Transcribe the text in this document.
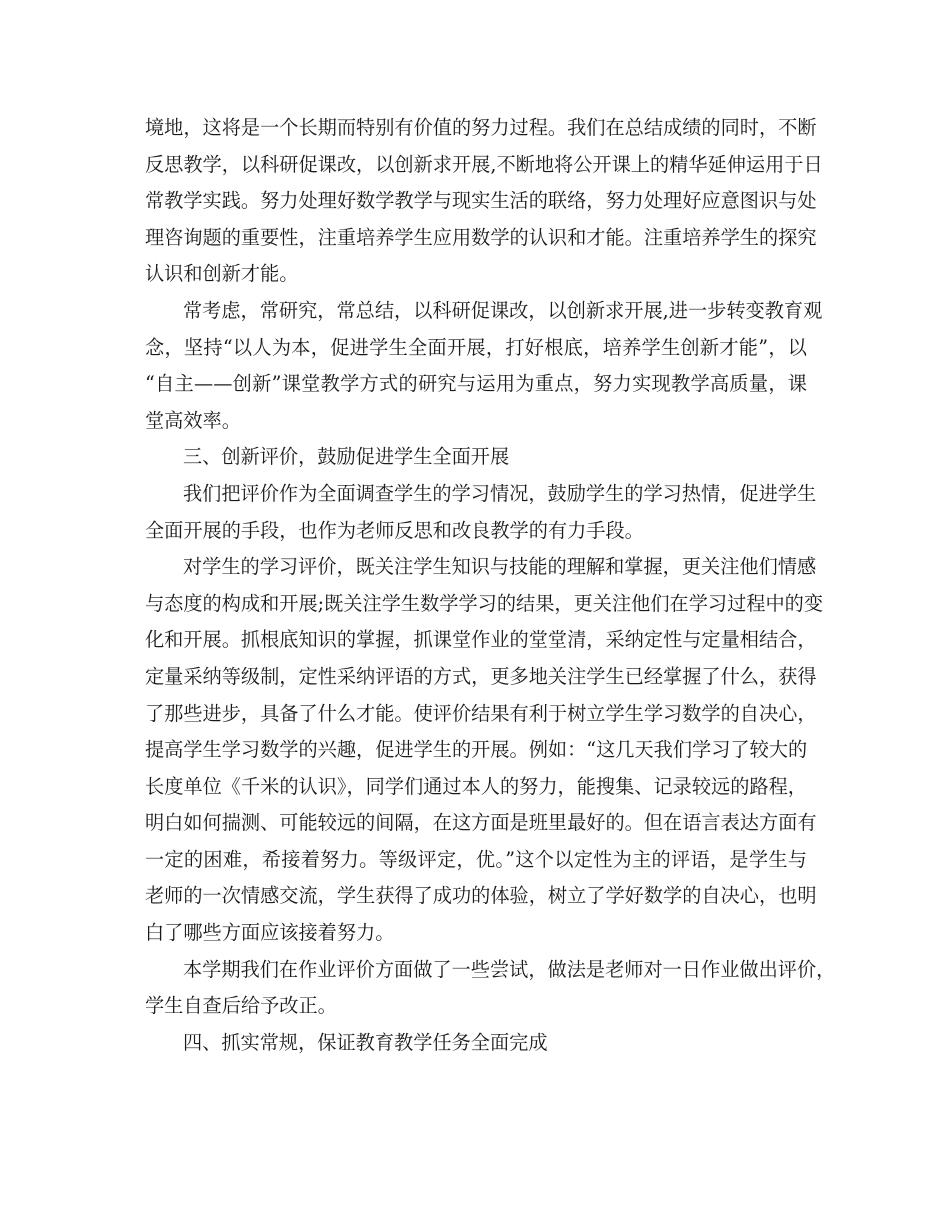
境地，这将是一个长期而特别有价值的努力过程。我们在总结成绩的同时，不断
反思教学，以科研促课改，以创新求开展,不断地将公开课上的精华延伸运用于日
常教学实践。努力处理好数学教学与现实生活的联络，努力处理好应意图识与处
理咨询题的重要性，注重培养学生应用数学的认识和才能。注重培养学生的探究
认识和创新才能。
常考虑，常研究，常总结，以科研促课改，以创新求开展,进一步转变教育观
念，坚持“以人为本，促进学生全面开展，打好根底，培养学生创新才能”，以
“自主——创新”课堂教学方式的研究与运用为重点，努力实现教学高质量，课
堂高效率。
三、创新评价，鼓励促进学生全面开展
我们把评价作为全面调查学生的学习情况，鼓励学生的学习热情，促进学生
全面开展的手段，也作为老师反思和改良教学的有力手段。
对学生的学习评价，既关注学生知识与技能的理解和掌握，更关注他们情感
与态度的构成和开展;既关注学生数学学习的结果，更关注他们在学习过程中的变
化和开展。抓根底知识的掌握，抓课堂作业的堂堂清，采纳定性与定量相结合，
定量采纳等级制，定性采纳评语的方式，更多地关注学生已经掌握了什么，获得
了那些进步，具备了什么才能。使评价结果有利于树立学生学习数学的自决心，
提高学生学习数学的兴趣，促进学生的开展。例如：“这几天我们学习了较大的
长度单位《千米的认识》，同学们通过本人的努力，能搜集、记录较远的路程，
明白如何揣测、可能较远的间隔，在这方面是班里最好的。但在语言表达方面有
一定的困难，希接着努力。等级评定，优。”这个以定性为主的评语，是学生与
老师的一次情感交流，学生获得了成功的体验，树立了学好数学的自决心，也明
白了哪些方面应该接着努力。
本学期我们在作业评价方面做了一些尝试，做法是老师对一日作业做出评价，
学生自查后给予改正。
四、抓实常规，保证教育教学任务全面完成
